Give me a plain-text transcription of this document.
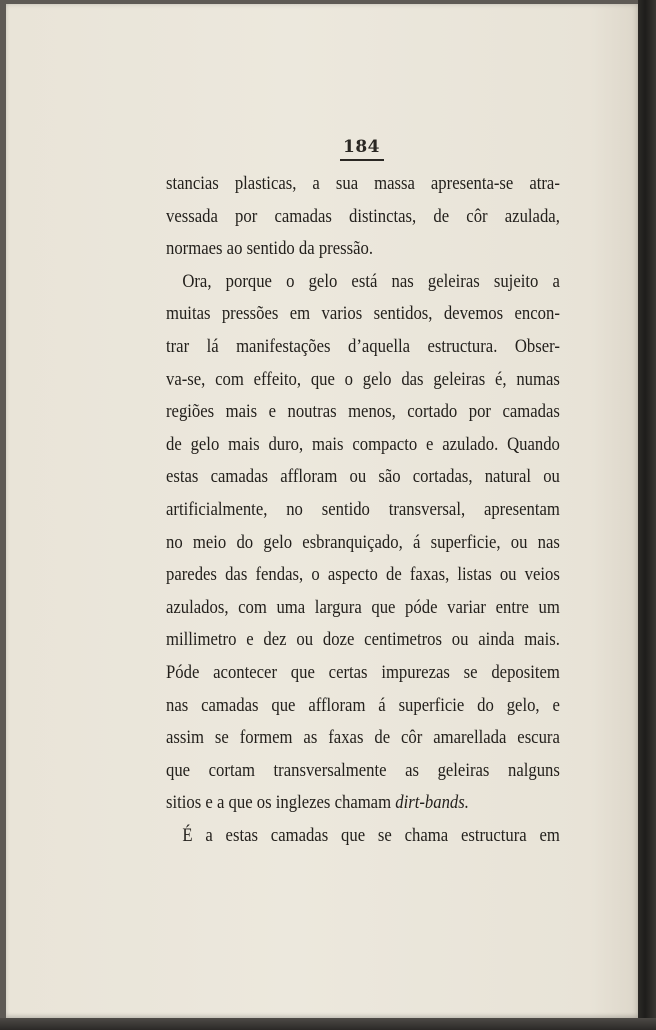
184
stancias plasticas, a sua massa apresenta-se atra-
vessada por camadas distinctas, de côr azulada,
normaes ao sentido da pressão.
Ora, porque o gelo está nas geleiras sujeito a
muitas pressões em varios sentidos, devemos encon-
trar lá manifestações d’aquella estructura. Obser-
va-se, com effeito, que o gelo das geleiras é, numas
regiões mais e noutras menos, cortado por camadas
de gelo mais duro, mais compacto e azulado. Quando
estas camadas affloram ou são cortadas, natural ou
artificialmente, no sentido transversal, apresentam
no meio do gelo esbranquiçado, á superficie, ou nas
paredes das fendas, o aspecto de faxas, listas ou veios
azulados, com uma largura que póde variar entre um
millimetro e dez ou doze centimetros ou ainda mais.
Póde acontecer que certas impurezas se depositem
nas camadas que affloram á superficie do gelo, e
assim se formem as faxas de côr amarellada escura
que cortam transversalmente as geleiras nalguns
sitios e a que os inglezes chamam dirt-bands.
É a estas camadas que se chama estructura em
